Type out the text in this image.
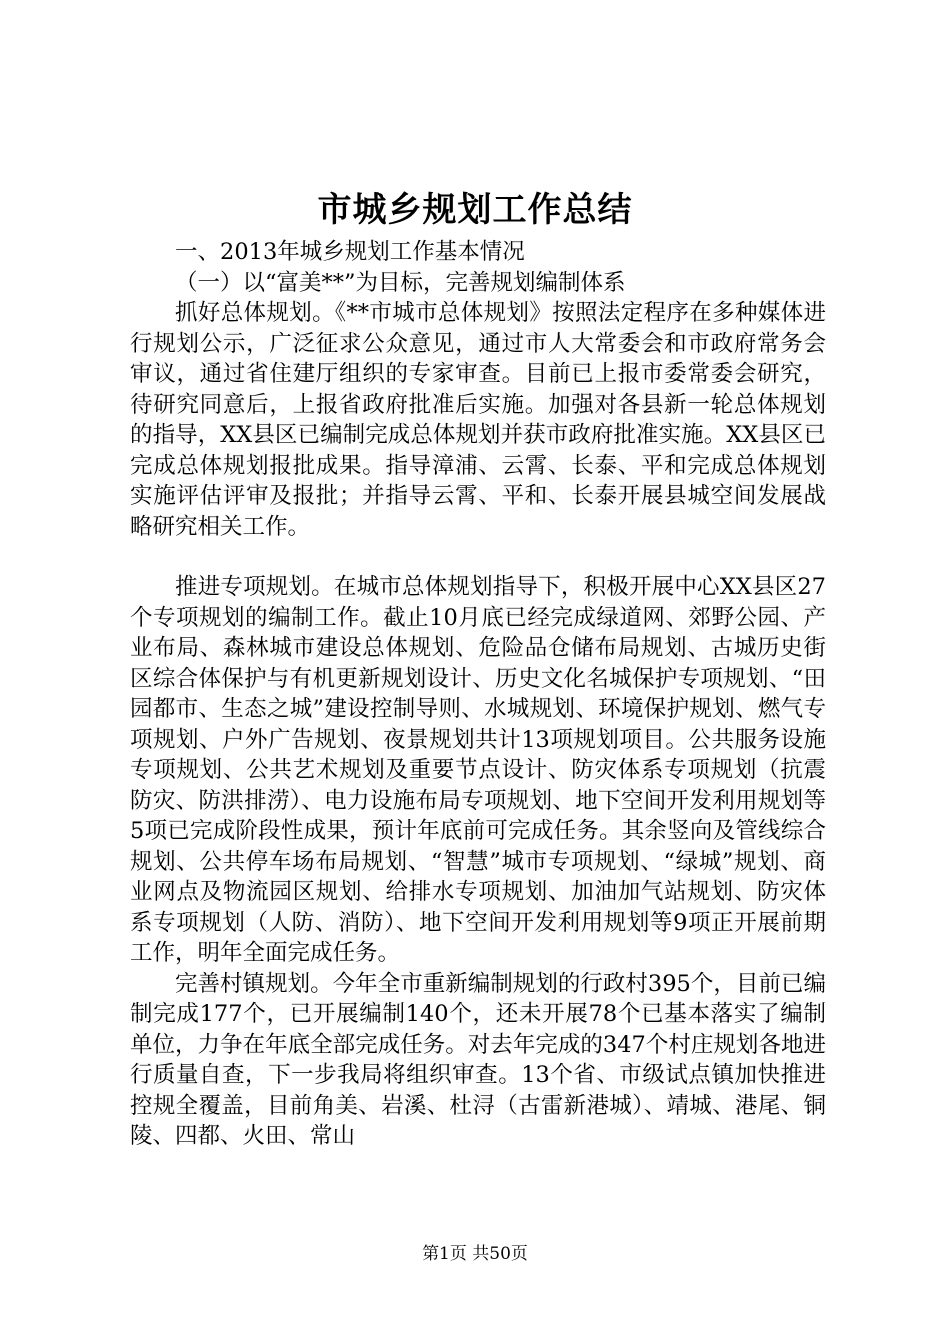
市城乡规划工作总结

一、2013年城乡规划工作基本情况

（一）以“富美**”为目标，完善规划编制体系

抓好总体规划。《**市城市总体规划》按照法定程序在多种媒体进行规划公示，广泛征求公众意见，通过市人大常委会和市政府常务会审议，通过省住建厅组织的专家审查。目前已上报市委常委会研究，待研究同意后，上报省政府批准后实施。加强对各县新一轮总体规划的指导，XX县区已编制完成总体规划并获市政府批准实施。XX县区已完成总体规划报批成果。指导漳浦、云霄、长泰、平和完成总体规划实施评估评审及报批；并指导云霄、平和、长泰开展县城空间发展战略研究相关工作。

推进专项规划。在城市总体规划指导下，积极开展中心XX县区27个专项规划的编制工作。截止10月底已经完成绿道网、郊野公园、产业布局、森林城市建设总体规划、危险品仓储布局规划、古城历史街区综合体保护与有机更新规划设计、历史文化名城保护专项规划、“田园都市、生态之城”建设控制导则、水城规划、环境保护规划、燃气专项规划、户外广告规划、夜景规划共计13项规划项目。公共服务设施专项规划、公共艺术规划及重要节点设计、防灾体系专项规划（抗震防灾、防洪排涝）、电力设施布局专项规划、地下空间开发利用规划等5项已完成阶段性成果，预计年底前可完成任务。其余竖向及管线综合规划、公共停车场布局规划、“智慧”城市专项规划、“绿城”规划、商业网点及物流园区规划、给排水专项规划、加油加气站规划、防灾体系专项规划（人防、消防）、地下空间开发利用规划等9项正开展前期工作，明年全面完成任务。

完善村镇规划。今年全市重新编制规划的行政村395个，目前已编制完成177个，已开展编制140个，还未开展78个已基本落实了编制单位，力争在年底全部完成任务。对去年完成的347个村庄规划各地进行质量自查，下一步我局将组织审查。13个省、市级试点镇加快推进控规全覆盖，目前角美、岩溪、杜浔（古雷新港城）、靖城、港尾、铜陵、四都、火田、常山

第1页 共50页
